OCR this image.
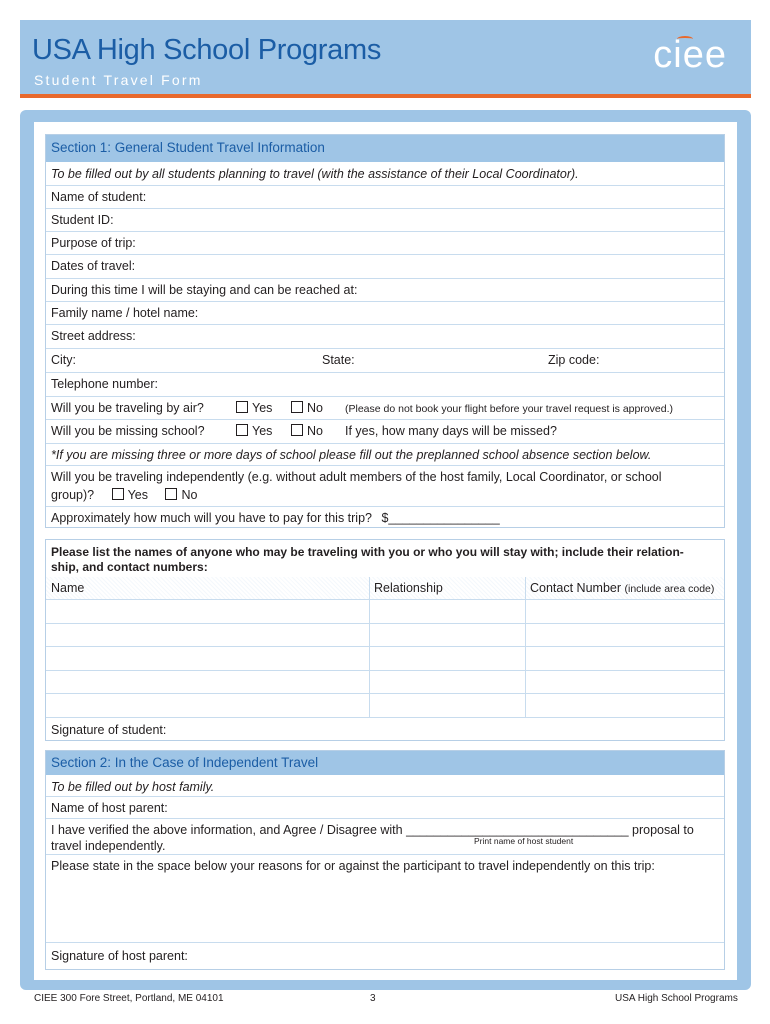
USA High School Programs
Student Travel Form
ciee
Section 1: General Student Travel Information
To be filled out by all students planning to travel (with the assistance of their Local Coordinator).
Name of student:
Student ID:
Purpose of trip:
Dates of travel:
During this time I will be staying and can be reached at:
Family name / hotel name:
Street address:
City:	State:	Zip code:
Telephone number:
Will you be traveling by air?	Yes	No (Please do not book your flight before your travel request is approved.)
Will you be missing school?	Yes	No If yes, how many days will be missed?
*If you are missing three or more days of school please fill out the preplanned school absence section below.
Will you be traveling independently (e.g. without adult members of the host family, Local Coordinator, or school
group)?	Yes	No
Approximately how much will you have to pay for this trip? $________________
Please list the names of anyone who may be traveling with you or who you will stay with; include their relation-
ship, and contact numbers:
Name	Relationship	Contact Number (include area code)
Signature of student:
Section 2: In the Case of Independent Travel
To be filled out by host family.
Name of host parent:
I have verified the above information, and Agree / Disagree with ________________________________ proposal to
travel independently.	Print name of host student
Please state in the space below your reasons for or against the participant to travel independently on this trip:
Signature of host parent:
CIEE 300 Fore Street, Portland, ME 04101	3	USA High School Programs
